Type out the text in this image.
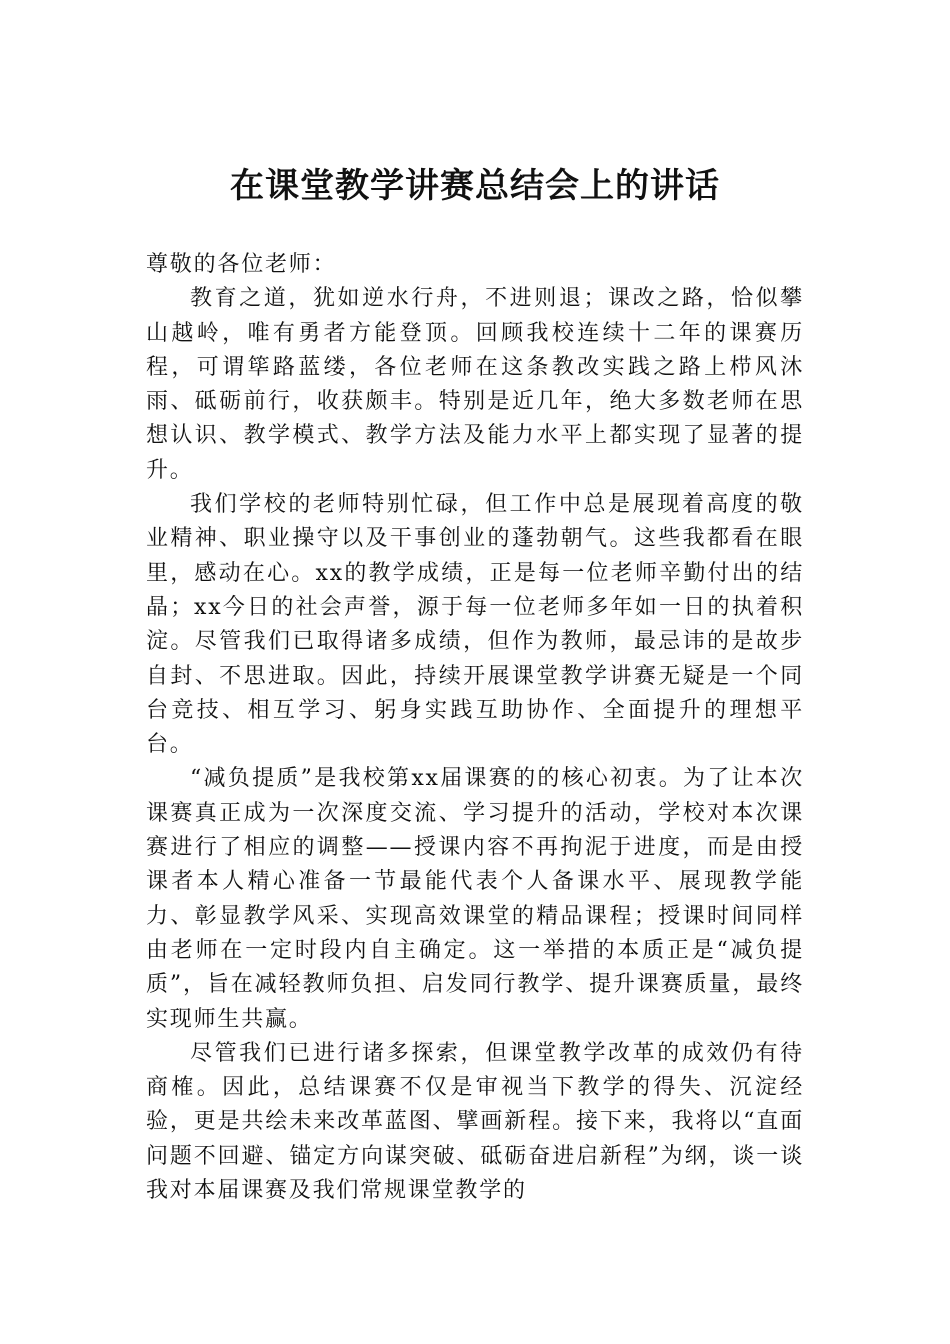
在课堂教学讲赛总结会上的讲话

尊敬的各位老师：

教育之道，犹如逆水行舟，不进则退；课改之路，恰似攀山越岭，唯有勇者方能登顶。回顾我校连续十二年的课赛历程，可谓筚路蓝缕，各位老师在这条教改实践之路上栉风沐雨、砥砺前行，收获颇丰。特别是近几年，绝大多数老师在思想认识、教学模式、教学方法及能力水平上都实现了显著的提升。

我们学校的老师特别忙碌，但工作中总是展现着高度的敬业精神、职业操守以及干事创业的蓬勃朝气。这些我都看在眼里，感动在心。xx的教学成绩，正是每一位老师辛勤付出的结晶；xx今日的社会声誉，源于每一位老师多年如一日的执着积淀。尽管我们已取得诸多成绩，但作为教师，最忌讳的是故步自封、不思进取。因此，持续开展课堂教学讲赛无疑是一个同台竞技、相互学习、躬身实践互助协作、全面提升的理想平台。

“减负提质”是我校第xx届课赛的的核心初衷。为了让本次课赛真正成为一次深度交流、学习提升的活动，学校对本次课赛进行了相应的调整——授课内容不再拘泥于进度，而是由授课者本人精心准备一节最能代表个人备课水平、展现教学能力、彰显教学风采、实现高效课堂的精品课程；授课时间同样由老师在一定时段内自主确定。这一举措的本质正是“减负提质”，旨在减轻教师负担、启发同行教学、提升课赛质量，最终实现师生共赢。

尽管我们已进行诸多探索，但课堂教学改革的成效仍有待商榷。因此，总结课赛不仅是审视当下教学的得失、沉淀经验，更是共绘未来改革蓝图、擘画新程。接下来，我将以“直面问题不回避、锚定方向谋突破、砥砺奋进启新程”为纲，谈一谈我对本届课赛及我们常规课堂教学的
